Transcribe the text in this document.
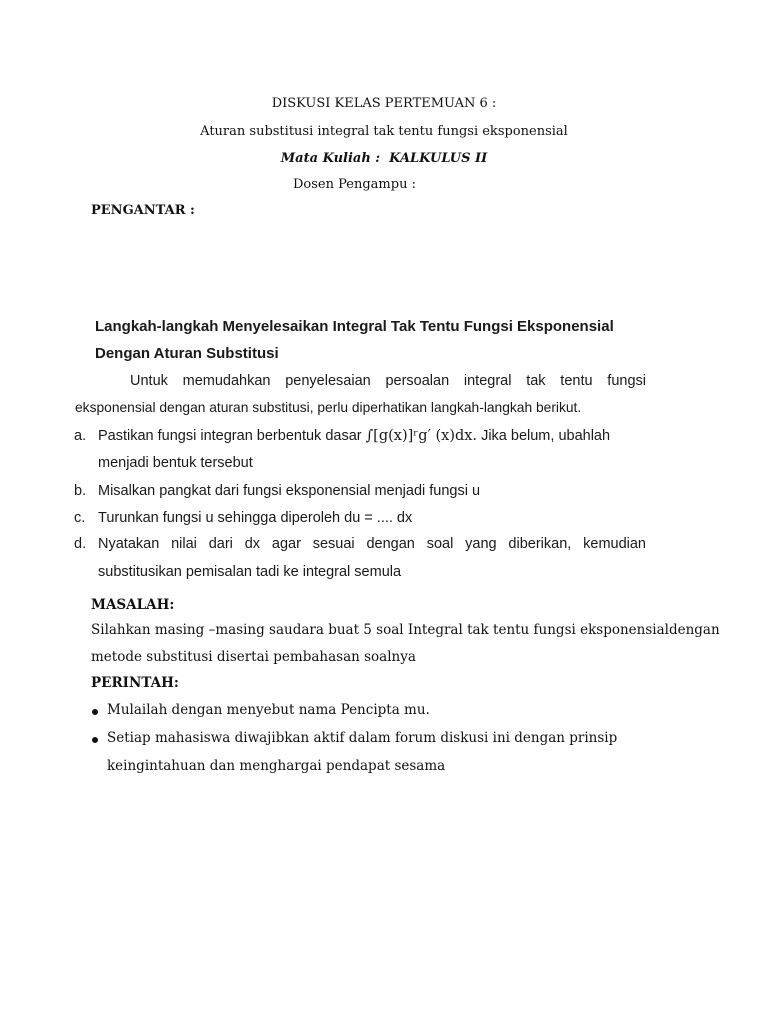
DISKUSI KELAS PERTEMUAN 6 :
Aturan substitusi integral tak tentu fungsi eksponensial
Mata Kuliah : KALKULUS II
Dosen Pengampu :
PENGANTAR :
Langkah-langkah Menyelesaikan Integral Tak Tentu Fungsi Eksponensial
Dengan Aturan Substitusi
Untuk memudahkan penyelesaian persoalan integral tak tentu fungsi
eksponensial dengan aturan substitusi, perlu diperhatikan langkah-langkah berikut.
a. Pastikan fungsi integran berbentuk dasar ∫[g(x)]ʳg′ (x)dx. Jika belum, ubahlah
menjadi bentuk tersebut
b. Misalkan pangkat dari fungsi eksponensial menjadi fungsi u
c. Turunkan fungsi u sehingga diperoleh du = .... dx
d. Nyatakan nilai dari dx agar sesuai dengan soal yang diberikan, kemudian
substitusikan pemisalan tadi ke integral semula
MASALAH:
Silahkan masing –masing saudara buat 5 soal Integral tak tentu fungsi eksponensialdengan
metode substitusi disertai pembahasan soalnya
PERINTAH:
Mulailah dengan menyebut nama Pencipta mu.
Setiap mahasiswa diwajibkan aktif dalam forum diskusi ini dengan prinsip
keingintahuan dan menghargai pendapat sesama
